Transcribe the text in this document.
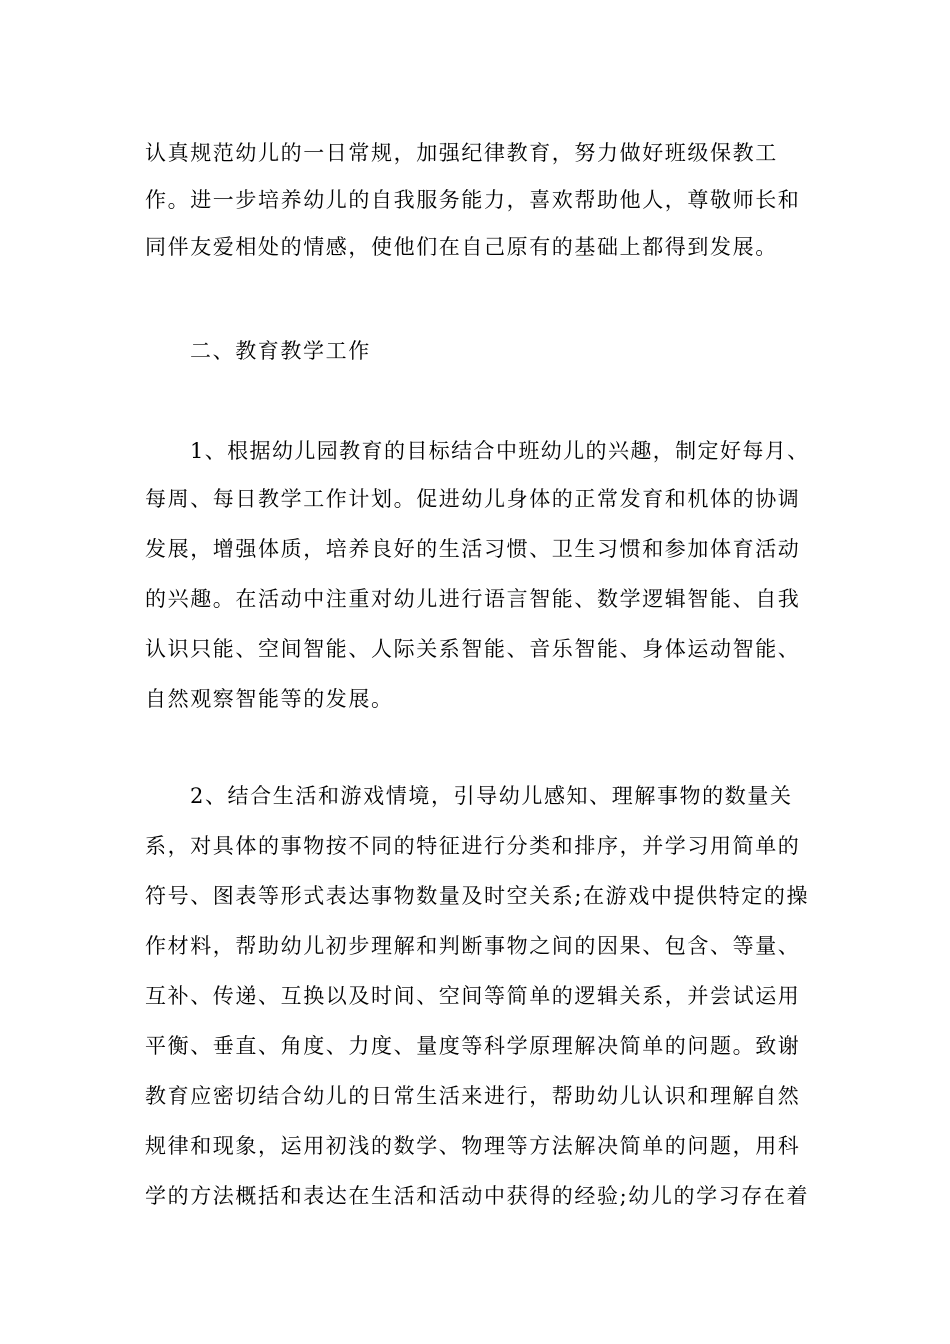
认真规范幼儿的一日常规，加强纪律教育，努力做好班级保教工
作。进一步培养幼儿的自我服务能力，喜欢帮助他人，尊敬师长和
同伴友爱相处的情感，使他们在自己原有的基础上都得到发展。
二、教育教学工作
1、根据幼儿园教育的目标结合中班幼儿的兴趣，制定好每月、
每周、每日教学工作计划。促进幼儿身体的正常发育和机体的协调
发展，增强体质，培养良好的生活习惯、卫生习惯和参加体育活动
的兴趣。在活动中注重对幼儿进行语言智能、数学逻辑智能、自我
认识只能、空间智能、人际关系智能、音乐智能、身体运动智能、
自然观察智能等的发展。
2、结合生活和游戏情境，引导幼儿感知、理解事物的数量关
系，对具体的事物按不同的特征进行分类和排序，并学习用简单的
符号、图表等形式表达事物数量及时空关系;在游戏中提供特定的操
作材料，帮助幼儿初步理解和判断事物之间的因果、包含、等量、
互补、传递、互换以及时间、空间等简单的逻辑关系，并尝试运用
平衡、垂直、角度、力度、量度等科学原理解决简单的问题。致谢
教育应密切结合幼儿的日常生活来进行，帮助幼儿认识和理解自然
规律和现象，运用初浅的数学、物理等方法解决简单的问题，用科
学的方法概括和表达在生活和活动中获得的经验;幼儿的学习存在着
